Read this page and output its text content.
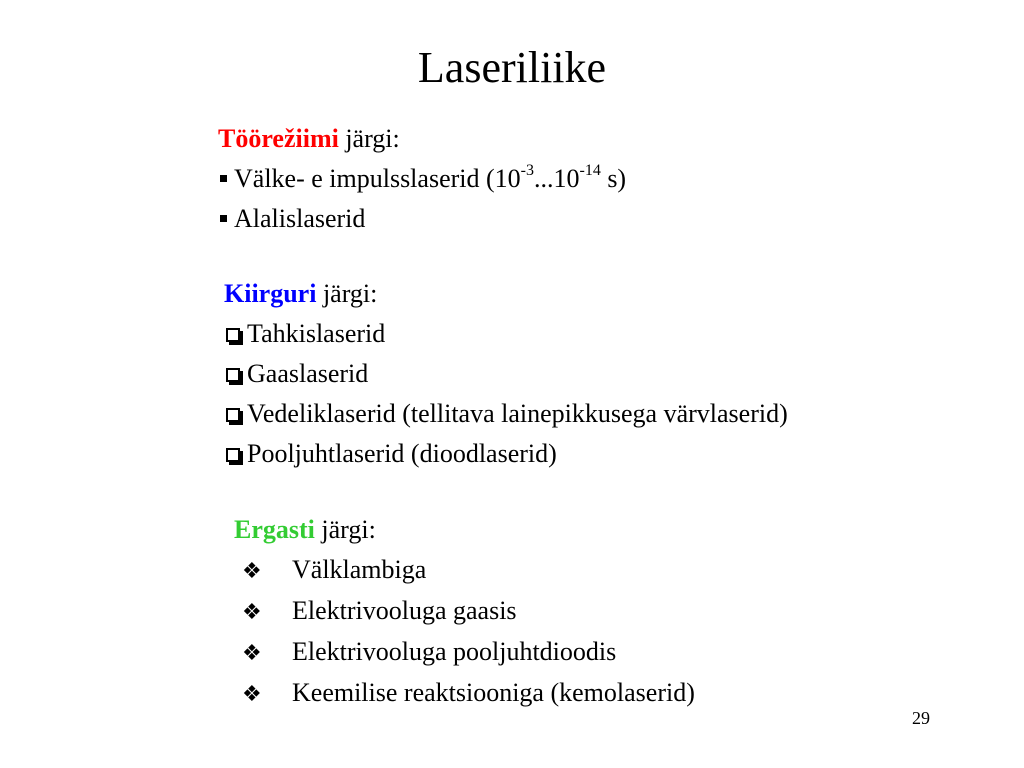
Laseriliike
Töörežiimi järgi:
Välke- e impulsslaserid ($10^{-3}...10^{-14}$ s)
Alalislaserid
Kiirguri järgi:
Tahkislaserid
Gaaslaserid
Vedeliklaserid (tellitava lainepikkusega värvlaserid)
Pooljuhtlaserid (dioodlaserid)
Ergasti järgi:
❖ Välklambiga
❖ Elektrivooluga gaasis
❖ Elektrivooluga pooljuhtdioodis
❖ Keemilise reaktsiooniga (kemolaserid)
29
